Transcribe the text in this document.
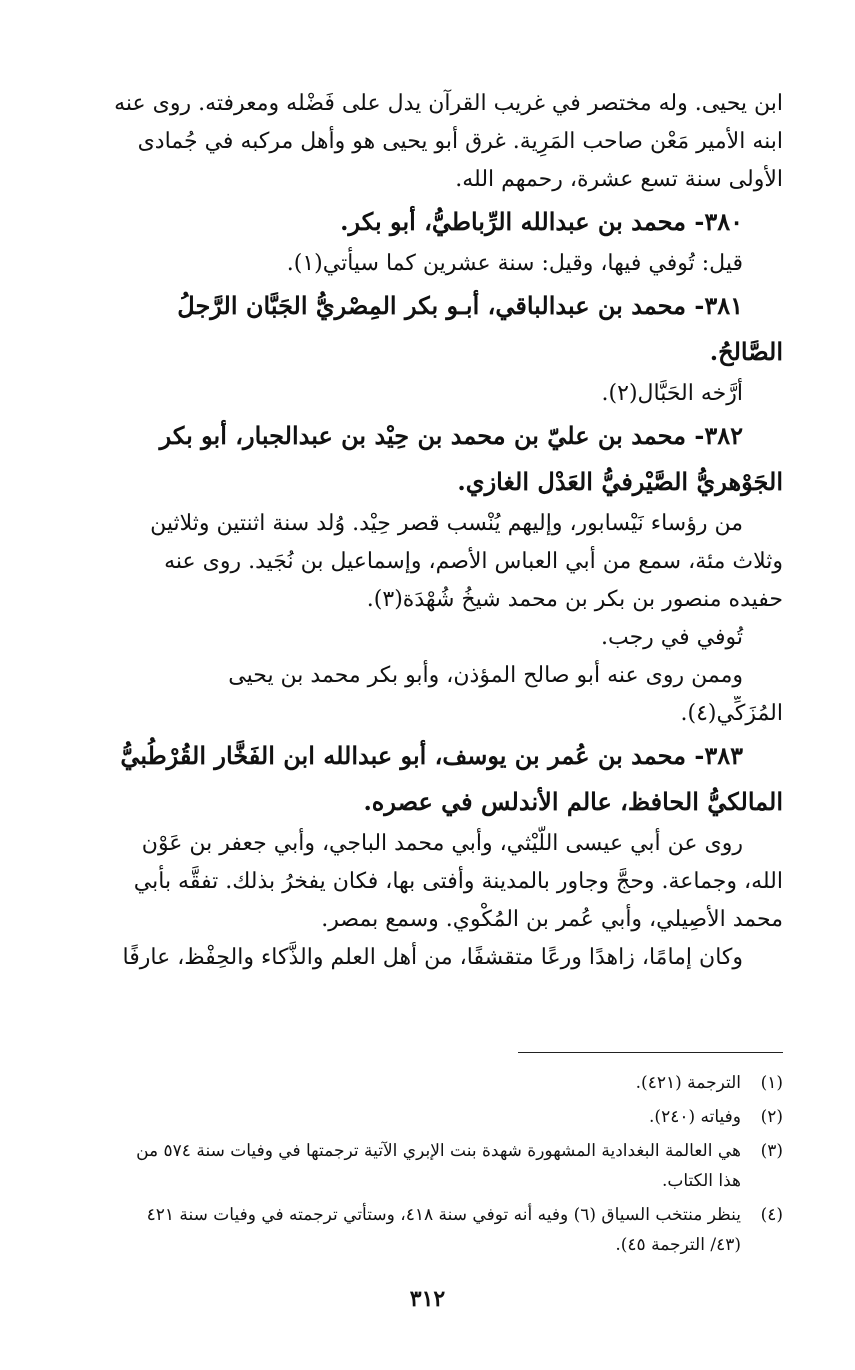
ابن يحيى. وله مختصر في غريب القرآن يدل على فَضْله ومعرفته. روى عنه
ابنه الأمير مَعْن صاحب المَرِية. غرق أبو يحيى هو وأهل مركبه في جُمادى
الأولى سنة تسع عشرة، رحمهم الله.
٣٨٠- محمد بن عبدالله الرِّباطيُّ، أبو بكر.
قيل: تُوفي فيها، وقيل: سنة عشرين كما سيأتي(١).
٣٨١- محمد بن عبدالباقي، أبـو بكر المِصْريُّ الجَبَّان الرَّجلُ
الصَّالحُ.
أرَّخه الحَبَّال(٢).
٣٨٢- محمد بن عليّ بن محمد بن حِيْد بن عبدالجبار، أبو بكر
الجَوْهريُّ الصَّيْرفيُّ العَدْل الغازي.
من رؤساء نَيْسابور، وإليهم يُنْسب قصر حِيْد. وُلد سنة اثنتين وثلاثين
وثلاث مئة، سمع من أبي العباس الأصم، وإسماعيل بن نُجَيد. روى عنه
حفيده منصور بن بكر بن محمد شيخُ شُهْدَة(٣).
تُوفي في رجب.
وممن روى عنه أبو صالح المؤذن، وأبو بكر محمد بن يحيى
المُزَكِّي(٤).
٣٨٣- محمد بن عُمر بن يوسف، أبو عبدالله ابن الفَخَّار القُرْطُبيُّ
المالكيُّ الحافظ، عالم الأندلس في عصره.
روى عن أبي عيسى اللَّيْثي، وأبي محمد الباجي، وأبي جعفر بن عَوْن
الله، وجماعة. وحجَّ وجاور بالمدينة وأفتى بها، فكان يفخرُ بذلك. تفقَّه بأبي
محمد الأصِيلي، وأبي عُمر بن المُكْوي. وسمع بمصر.
وكان إمامًا، زاهدًا ورعًا متقشفًا، من أهل العلم والذَّكاء والحِفْظ، عارفًا
(١)
الترجمة (٤٢١).
(٢)
وفياته (٢٤٠).
(٣)
هي العالمة البغدادية المشهورة شهدة بنت الإبري الآتية ترجمتها في وفيات سنة ٥٧٤ من
هذا الكتاب.
(٤)
ينظر منتخب السياق (٦) وفيه أنه توفي سنة ٤١٨، وستأتي ترجمته في وفيات سنة ٤٢١
(٤٣/ الترجمة ٤٥).
٣١٢
